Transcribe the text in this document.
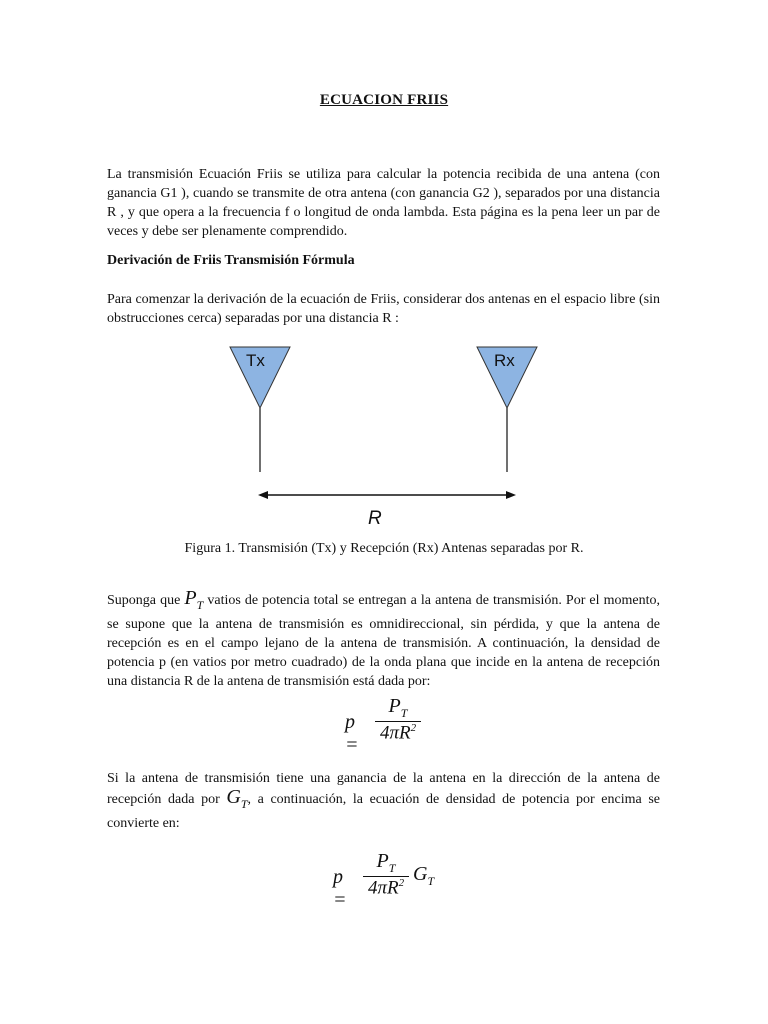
ECUACION FRIIS

La transmisión Ecuación Friis se utiliza para calcular la potencia recibida de una antena (con ganancia G1 ), cuando se transmite de otra antena (con ganancia G2 ), separados por una distancia R , y que opera a la frecuencia f o longitud de onda lambda. Esta página es la pena leer un par de veces y debe ser plenamente comprendido.

Derivación de Friis Transmisión Fórmula

Para comenzar la derivación de la ecuación de Friis, considerar dos antenas en el espacio libre (sin obstrucciones cerca) separadas por una distancia R :

Tx	Rx
R
Figura 1. Transmisión (Tx) y Recepción (Rx) Antenas separadas por R.

Suponga que $P_T$ vatios de potencia total se entregan a la antena de transmisión. Por el momento, se supone que la antena de transmisión es omnidireccional, sin pérdida, y que la antena de recepción es en el campo lejano de la antena de transmisión. A continuación, la densidad de potencia p (en vatios por metro cuadrado) de la onda plana que incide en la antena de recepción una distancia R de la antena de transmisión está dada por:

p =
$P_T$
$4\pi R^2$

Si la antena de transmisión tiene una ganancia de la antena en la dirección de la antena de recepción dada por $G_T$, a continuación, la ecuación de densidad de potencia por encima se convierte en:

p =
$P_T$
$4\pi R^2$ $G_T$
